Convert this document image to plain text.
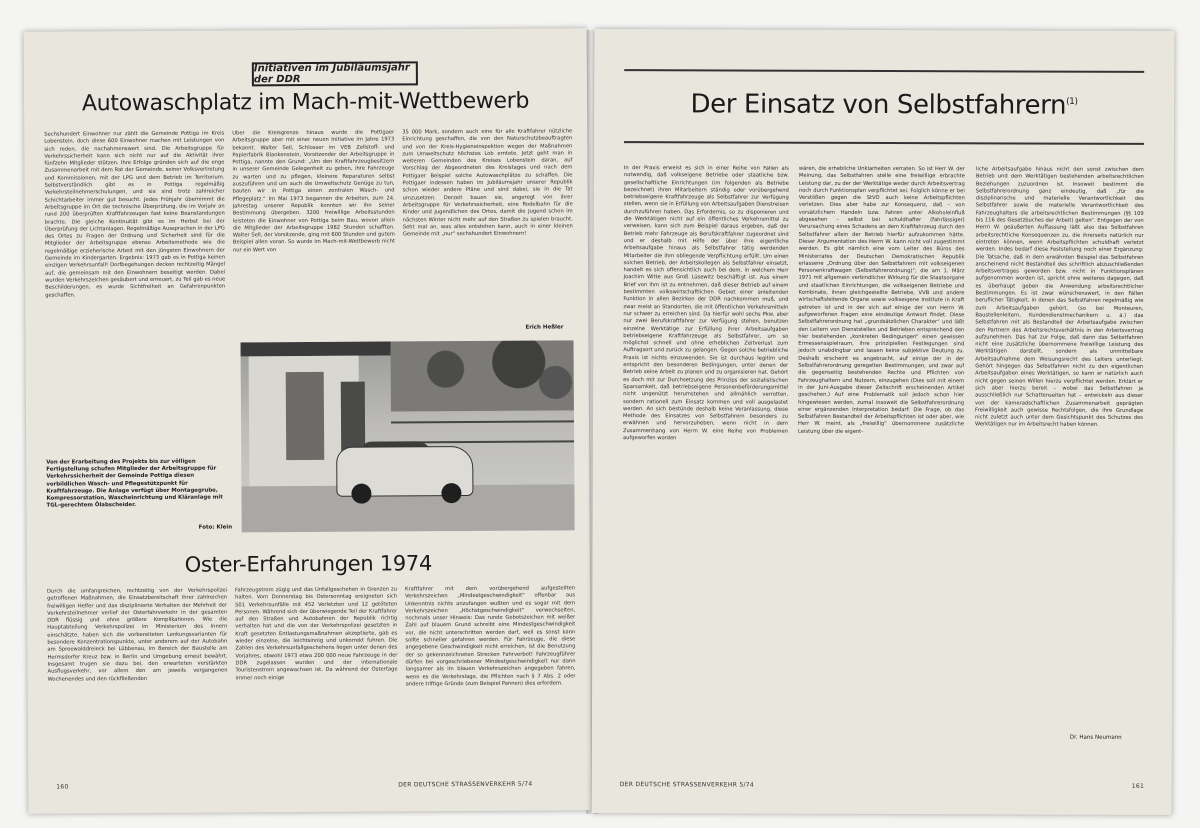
Initiativen im Jubiläumsjahr der DDR
Autowaschplatz im Mach-mit-Wettbewerb
Sechshundert Einwohner nur zählt die Gemeinde Pottiga im Kreis Lobenstein, doch diese 600 Einwohner machen mit Leistungen von sich reden, die nachahmenswert sind. Die Arbeitsgruppe für Verkehrssicherheit kann sich nicht nur auf die Aktivität ihrer fünfzehn Mitglieder stützen. Ihre Erfolge gründen sich auf die enge Zusammenarbeit mit dem Rat der Gemeinde, seiner Volksvertretung und Kommissionen, mit der LPG und dem Betrieb im Territorium. Selbstverständlich gibt es in Pottiga regelmäßig Verkehrsteilnehmerschulungen, und sie sind trotz zahlreicher Schichtarbeiter immer gut besucht. Jedes Frühjahr übernimmt die Arbeitsgruppe im Ort die technische Überprüfung, die im Vorjahr an rund 200 überprüften Kraftfahrzeugen fast keine Beanstandungen brachte. Die gleiche Kontinuität gibt es im Herbst bei der Überprüfung der Lichtanlagen. Regelmäßige Aussprachen in der LPG des Ortes zu Fragen der Ordnung und Sicherheit sind für die Mitglieder der Arbeitsgruppe ebenso Arbeitsmethode wie die regelmäßige erzieherische Arbeit mit den jüngsten Einwohnern der Gemeinde im Kindergarten. Ergebnis: 1973 gab es in Pottiga keinen einzigen Verkehrsunfall! Dorfbegehungen decken rechtzeitig Mängel auf, die gemeinsam mit den Einwohnern beseitigt werden. Dabei wurden Verkehrszeichen gesäubert und erneuert, zu Teil gab es neue Beschilderungen, es wurde Sichtfreiheit an Gefahrenpunkten geschaffen.
Über die Kreisgrenze hinaus wurde die Pottigaer Arbeitsgruppe aber mit einer neuen Initiative im Jahre 1973 bekannt. Walter Sell, Schlosser im VEB Zellstoff- und Papierfabrik Blankenstein, Vorsitzender der Arbeitsgruppe in Pottiga, nannte den Grund: „Um den Kraftfahrzeugbesitzern in unserer Gemeinde Gelegenheit zu geben, ihre Fahrzeuge zu warten und zu pflegen, kleinere Reparaturen selbst auszuführen und um auch die Umweltschutz Genüge zu tun, bauten wir in Pottiga einen zentralen Wasch- und Pflegeplatz.“ Im Mai 1973 begannen die Arbeiten, zum 24. Jahrestag unserer Republik konnten wir ihn seiner Bestimmung übergeben. 3200 freiwillige Arbeitsstunden leisteten die Einwohner von Pottiga beim Bau, wovon allein die Mitglieder der Arbeitsgruppe 1982 Stunden schafften. Walter Sell, der Vorsitzende, ging mit 600 Stunden und gutem Beispiel allen voran. So wurde im Mach-mit-Wettbewerb nicht nur ein Wert von
35 000 Mark, sondern auch eine für alle Kraftfahrer nützliche Einrichtung geschaffen, die von den Naturschutzbeauftragten und von der Kreis-Hygieneinspektion wegen der Maßnahmen zum Umweltschutz höchstes Lob erntete. Jetzt geht man in weiteren Gemeinden des Kreises Lobenstein daran, auf Vorschlag der Abgeordneten des Kreistages und nach dem Pottigaer Beispiel solche Autowaschplätze zu schaffen. Die Pottigaer indessen haben im Jubiläumsjahr unserer Republik schon wieder andere Pläne und sind dabei, sie in die Tat umzusetzen. Derzeit bauen sie, angeregt von ihrer Arbeitsgruppe für Verkehrssicherheit, eine Rodelbahn für die Kinder und Jugendlichen des Ortes, damit die Jugend schon im nächsten Winter nicht mehr auf den Straßen zu spielen braucht. Seht mal an, was alles entstehen kann, auch in einer kleinen Gemeinde mit „nur“ sechshundert Einwohnern!
Erich Heßler
Von der Erarbeitung des Projekts bis zur völligen Fertigstellung schufen Mitglieder der Arbeitsgruppe für Verkehrssicherheit der Gemeinde Pottiga diesen vorbildlichen Wasch- und Pflegestützpunkt für Kraftfahrzeuge. Die Anlage verfügt über Montagegrube, Kompressorstation, Wascheinrichtung und Kläranlage mit TGL-gerechtem Ölabscheider.
Foto: Klein
Oster-Erfahrungen 1974
Durch die umfangreichen, rechtzeitig von der Verkehrspolizei getroffenen Maßnahmen, die Einsatzbereitschaft ihrer zahlreichen freiwilligen Helfer und das disziplinierte Verhalten der Mehrheit der Verkehrsteilnehmer verlief der Osterfahrverkehr in der gesamten DDR flüssig und ohne größere Komplikationen. Wie die Hauptabteilung Verkehrspolizei im Ministerium des Innern einschätzte, haben sich die vorbereiteten Lenkungsvarianten für besondere Konzentrationspunkte, unter anderem auf der Autobahn am Spreewalddreieck bei Lübbenau, im Bereich der Baustelle am Hermsdorfer Kreuz bzw. in Berlin und Umgebung erneut bewährt. Insgesamt trugen sie dazu bei, den erwarteten verstärkten Ausflugsverkehr, vor allem den am jeweils vergangenen Wochenendes und den rückfließenden
Fahrzeugstrom zügig und das Unfallgeschehen in Grenzen zu halten. Vom Donnerstag bis Ostersonntag ereigneten sich 501 Verkehrsunfälle mit 452 Verletzten und 12 getöteten Personen. Während sich der überwiegende Teil der Kraftfahrer auf den Straßen und Autobahnen der Republik richtig verhalten hat und die von der Verkehrspolizei gesetzten in Kraft gesetzten Entlastungsmaßnahmen akzeptierte, gab es wieder einzelne, die leichtsinnig und unkorrekt fuhren. Die Zahlen des Verkehrsunfallgeschehens liegen unter denen des Vorjahres, obwohl 1973 etwa 200 000 neue Fahrzeuge in der DDR zugelassen wurden und der internationale Touristenstrom angewachsen ist. Da während der Ostertage immer noch einige
Kraftfahrer mit dem vorübergehend aufgestellten Verkehrszeichen „Mindestgeschwindigkeit“ offenbar aus Unkenntnis nichts anzufangen wußten und es sogar mit dem Verkehrszeichen „Höchstgeschwindigkeit“ verwechselten, nochmals unser Hinweis: Das runde Gebotszeichen mit weißer Zahl auf blauem Grund schreibt eine Mindestgeschwindigkeit vor, die nicht unterschritten werden darf, weil es sonst kann sollte schneller gefahren werden. Für Fahrzeuge, die diese angegebene Geschwindigkeit nicht erreichen, ist die Benutzung der so gekennzeichneten Strecken Fahrverbot! Fahrzeugführer dürfen bei vorgeschriebener Mindestgeschwindigkeit nur dann langsamer als im blauen Verkehrszeichen angegeben fahren, wenn es die Verkehrslage, die Pflichten nach § 7 Abs. 2 oder andere triftige Gründe (zum Beispiel Pannen) dies erfordern.
160	DER DEUTSCHE STRASSENVERKEHR 5/74
Der Einsatz von Selbstfahrern$^{(1)}$
In der Praxis erweist es sich in einer Reihe von Fällen als notwendig, daß volkseigene Betriebe oder staatliche bzw. gesellschaftliche Einrichtungen (im folgenden als Betriebe bezeichnet) ihren Mitarbeitern ständig oder vorübergehend betriebseigene Kraftfahrzeuge als Selbstfahrer zur Verfügung stellen, wenn sie in Erfüllung von Arbeitsaufgaben Dienstreisen durchzuführen haben. Das Erfordernis, so zu disponieren und die Werktätigen nicht auf ein öffentliches Verkehrsmittel zu verweisen, kann sich zum Beispiel daraus ergeben, daß der Betrieb mehr Fahrzeuge als Berufskraftfahrer zugeordnet sind und er deshalb mit Hilfe der über ihre eigentliche Arbeitsaufgabe hinaus als Selbstfahrer tätig werdenden Mitarbeiter die ihm obliegende Verpflichtung erfüllt. Um einen solchen Betrieb, der Arbeitskollegen als Selbstfahrer einsetzt, handelt es sich offensichtlich auch bei dem, in welchem Herr Joachim Witte aus Groß Lüsewitz beschäftigt ist. Aus einem Brief von ihm ist zu entnehmen, daß dieser Betrieb auf einem bestimmten volkswirtschaftlichen Gebiet einer anleitenden Funktion in allen Bezirken der DDR nachkommen muß, und zwar meist an Standorten, die mit öffentlichen Verkehrsmitteln nur schwer zu erreichen sind. Da hierfür wohl sechs Pkw, aber nur zwei Berufskraftfahrer zur Verfügung stehen, benutzen einzelne Werktätige zur Erfüllung ihrer Arbeitsaufgaben betriebseigene Kraftfahrzeuge als Selbstfahrer, um so möglichst schnell und ohne erheblichen Zeitverlust zum Auftragsort und zurück zu gelangen. Gegen solche betriebliche Praxis ist nichts einzuwenden. Sie ist durchaus legitim und entspricht den besonderen Bedingungen, unter denen der Betrieb seine Arbeit zu planen und zu organisieren hat. Gehört es doch mit zur Durchsetzung des Prinzips der sozialistischen Sparsamkeit, daß betriebseigene Personenbeförderungsmittel nicht ungenützt herumstehen und allmählich verrotten, sondern rationell zum Einsatz kommen und voll ausgelastet werden. An sich bestünde deshalb keine Veranlassung, diese Methode des Einsatzes von Selbstfahrern besonders zu erwähnen und hervorzuheben, wenn nicht in dem Zusammenhang von Herrn W. eine Reihe von Problemen aufgeworfen worden
wären, die erhebliche Unklarheiten verraten. So ist Herr W. der Meinung, das Selbstfahren stelle eine freiwillige erbrachte Leistung dar, zu der der Werktätige weder durch Arbeitsvertrag noch durch Funktionsplan verpflichtet sei. Folglich könne er bei Verstößen gegen die StVO auch keine Arbeitspflichten verletzen. Dies aber habe zur Konsequenz, daß – von vorsätzlichem Handeln bzw. Fahren unter Alkoholeinfluß abgesehen – selbst bei schuldhafter (fahrlässiger) Verursachung eines Schadens an dem Kraftfahrzeug durch den Selbstfahrer allein der Betrieb hierfür aufzukommen hätte. Dieser Argumentation des Herrn W. kann nicht voll zugestimmt werden. Es gibt nämlich eine vom Leiter des Büros des Ministerrates der Deutschen Demokratischen Republik erlassene „Ordnung über den Selbstfahrern mit volkseigenen Personenkraftwagen (Selbstfahrerordnung)“, die am 1. März 1971 mit allgemein verbindlicher Wirkung für die Staatsorgane und staatlichen Einrichtungen, die volkseigenen Betriebe und Kombinate, ihnen gleichgestellte Betriebe, VVB und andere wirtschaftsleitende Organe sowie volkseigene Institute in Kraft getreten ist und in der sich auf einige der von Herrn W. aufgeworfenen Fragen eine eindeutige Antwort findet. Diese Selbstfahrerordnung hat „grundsätzlichen Charakter“ und läßt den Leitern von Dienststellen und Betrieben entsprechend den hier bestehenden „konkreten Bedingungen“ einen gewissen Ermessensspielraum, ihre prinzipiellen Festlegungen sind jedoch unabdingbar und lassen keine subjektive Deutung zu. Deshalb erscheint es angebracht, auf einige der in der Selbstfahrerordnung geregelten Bestimmungen, und zwar auf die gegenseitig bestehenden Rechte und Pflichten von Fahrzeughaltern und Nutzern, einzugehen (Dies soll mit einem in der Juni-Ausgabe dieser Zeitschrift erscheinenden Artikel geschehen.) Auf eine Problematik soll jedoch schon hier hingewiesen werden, zumal insoweit die Selbstfahrerordnung einer ergänzenden Interpretation bedarf: Die Frage, ob das Selbstfahren Bestandteil der Arbeitspflichten ist oder aber, wie Herr W. meint, als „freiwillig“ übernommene zusätzliche Leistung über die eigent-
liche Arbeitsaufgabe hinaus nicht den sonst zwischen dem Betrieb und dem Werktätigen bestehenden arbeitsrechtlichen Beziehungen zuzuordnen ist. Insoweit bestimmt die Selbstfahrerordnung ganz eindeutig, daß „für die disziplinarische und materielle Verantwortlichkeit des Selbstfahrer sowie die materielle Verantwortlichkeit des Fahrzeughalters die arbeitsrechtlichen Bestimmungen (§§ 109 bis 116 des Gesetzbuches der Arbeit) gelten“. Entgegen der von Herrn W. geäußerten Auffassung läßt also das Selbstfahren arbeitsrechtliche Konsequenzen zu, die ihrerseits natürlich nur eintreten können, wenn Arbeitspflichten schuldhaft verletzt werden. Indes bedarf diese Feststellung noch einer Ergänzung: Die Tatsache, daß in dem erwähnten Beispiel das Selbstfahren anscheinend nicht Bestandteil des schriftlich abzuschließenden Arbeitsvertrages geworden bzw. nicht in Funktionsplänen aufgenommen worden ist, spricht ohne weiteres dagegen, daß es überhaupt geben die Anwendung arbeitsrechtlicher Bestimmungen. Es ist zwar wünschenswert, in den Fällen beruflicher Tätigkeit, in denen das Selbstfahren regelmäßig wie zum Arbeitsaufgaben gehört, (so bei Monteuren, Baustellenleitern, Kundendienstmechanikern u. ä.) das Selbstfahren mit als Bestandteil der Arbeitsaufgabe zwischen den Partnern des Arbeitsrechtsverhältnis in den Arbeitsvertrag aufzunehmen. Das hat zur Folge, daß dann das Selbstfahren nicht eine zusätzliche übernommene freiwillige Leistung des Werktätigen darstellt, sondern als unmittelbare Arbeitsaufnahme dem Weisungsrecht des Leiters unterliegt. Gehört hingegen das Selbstfahren nicht zu den eigentlichen Arbeitsaufgaben eines Werktätigen, so kann er natürlich auch nicht gegen seinen Willen hierzu verpflichtet werden. Erklärt er sich aber hierzu bereit – wobei das Selbstfahren ja ausschließlich nur Schattenseiten hat – entwickeln aus dieser von der kameradschaftlichen Zusammenarbeit geprägten Freiwilligkeit auch gewisse Rechtsfolgen, die ihre Grundlage nicht zuletzt auch unter dem Gesichtspunkt des Schutzes des Werktätigen nur im Arbeitsrecht haben können.
Dr. Hans Neumann
DER DEUTSCHE STRASSENVERKEHR 5/74	161
